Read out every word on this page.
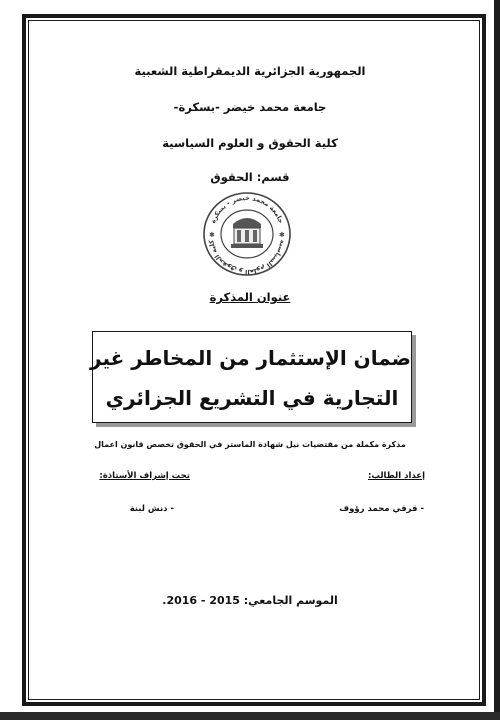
الجمهورية الجزائرية الديمقراطية الشعبية
جامعة محمد خيضر -بسكرة-
كلية الحقوق و العلوم السياسية
قسم: الحقوق
جامعة محمد خيضر - بسكرة
كلية الحقوق و العلوم السياسية
✱	✱
عنوان المذكرة
ضمان الإستثمار من المخاطر غير
التجارية في التشريع الجزائري
مذكرة مكملة من مقتضيات نيل شهادة الماستر في الحقوق تخصص قانون اعمال
إعداد الطالب:
تحت إشراف الأستاذة:
- قرقي محمد رؤوف
- دنش لبنة
الموسم الجامعي: 2015 - 2016.
